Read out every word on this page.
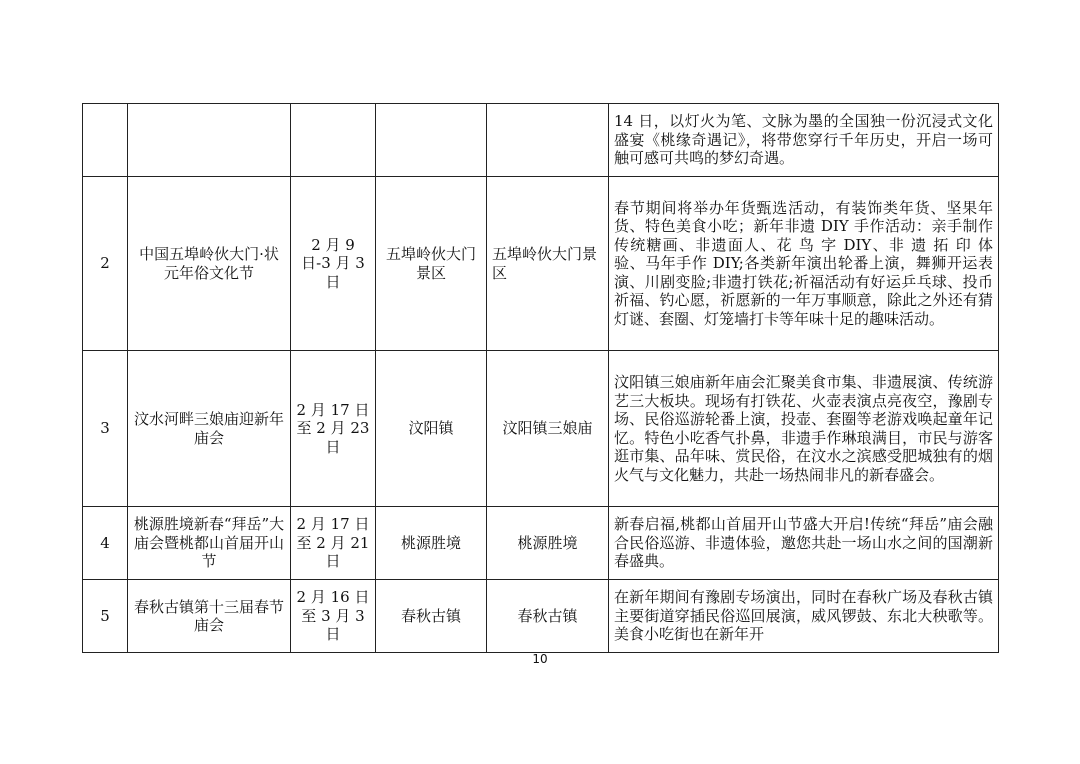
					14 日，以灯火为笔、文脉为墨的全国独一份沉浸式文化盛宴《桃缘奇遇记》，将带您穿行千年历史，开启一场可触可感可共鸣的梦幻奇遇。
2	中国五埠岭伙大门·状元年俗文化节	2 月 9 日-3 月 3 日	五埠岭伙大门景区	五埠岭伙大门景区	春节期间将举办年货甄选活动，有装饰类年货、坚果年货、特色美食小吃；新年非遗 DIY 手作活动：亲手制作传统糖画、非遗面人、花 鸟 字 DIY、非 遗 拓 印 体 验、马年手作 DIY;各类新年演出轮番上演，舞狮开运表 演、川剧变脸;非遗打铁花;祈福活动有好运乒乓球、投币祈福、钓心愿，祈愿新的一年万事顺意，除此之外还有猜灯谜、套圈、灯笼墙打卡等年味十足的趣味活动。
3	汶水河畔三娘庙迎新年庙会	2 月 17 日至 2 月 23 日	汶阳镇	汶阳镇三娘庙	汶阳镇三娘庙新年庙会汇聚美食市集、非遗展演、传统游艺三大板块。现场有打铁花、火壶表演点亮夜空，豫剧专场、民俗巡游轮番上演，投壶、套圈等老游戏唤起童年记忆。特色小吃香气扑鼻，非遗手作琳琅满目，市民与游客逛市集、品年味、赏民俗，在汶水之滨感受肥城独有的烟火气与文化魅力，共赴一场热闹非凡的新春盛会。
4	桃源胜境新春“拜岳”大庙会暨桃都山首届开山节	2 月 17 日至 2 月 21 日	桃源胜境	桃源胜境	新春启福,桃都山首届开山节盛大开启!传统“拜岳”庙会融合民俗巡游、非遗体验，邀您共赴一场山水之间的国潮新春盛典。
5	春秋古镇第十三届春节庙会	2 月 16 日至 3 月 3 日	春秋古镇	春秋古镇	在新年期间有豫剧专场演出，同时在春秋广场及春秋古镇主要街道穿插民俗巡回展演，威风锣鼓、东北大秧歌等。美食小吃街也在新年开
10
